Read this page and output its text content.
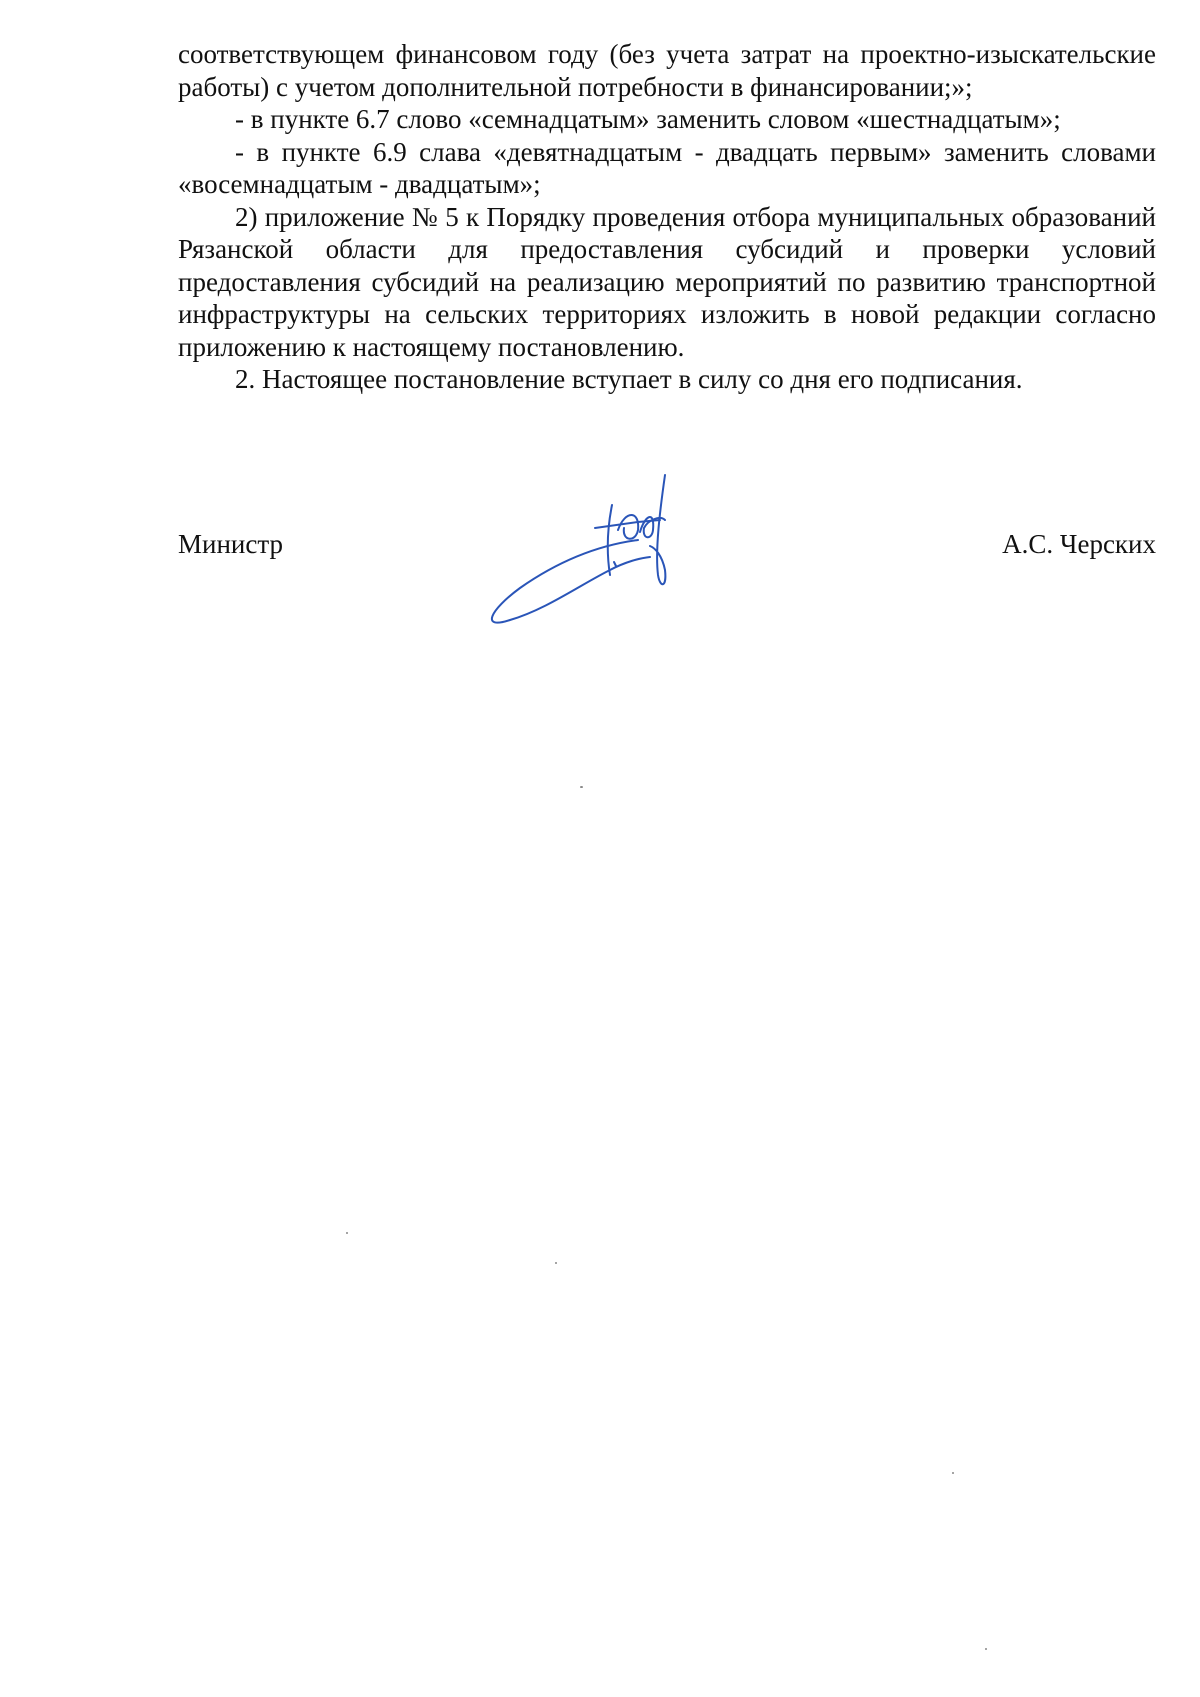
соответствующем финансовом году (без учета затрат на проектно-изыскательские работы) с учетом дополнительной потребности в финансировании;»;

- в пункте 6.7 слово «семнадцатым» заменить словом «шестнадцатым»;

- в пункте 6.9 слава «девятнадцатым - двадцать первым» заменить словами «восемнадцатым - двадцатым»;

2) приложение № 5 к Порядку проведения отбора муниципальных образований Рязанской области для предоставления субсидий и проверки условий предоставления субсидий на реализацию мероприятий по развитию транспортной инфраструктуры на сельских территориях изложить в новой редакции согласно приложению к настоящему постановлению.

2. Настоящее постановление вступает в силу со дня его подписания.

Министр	А.С. Черских
